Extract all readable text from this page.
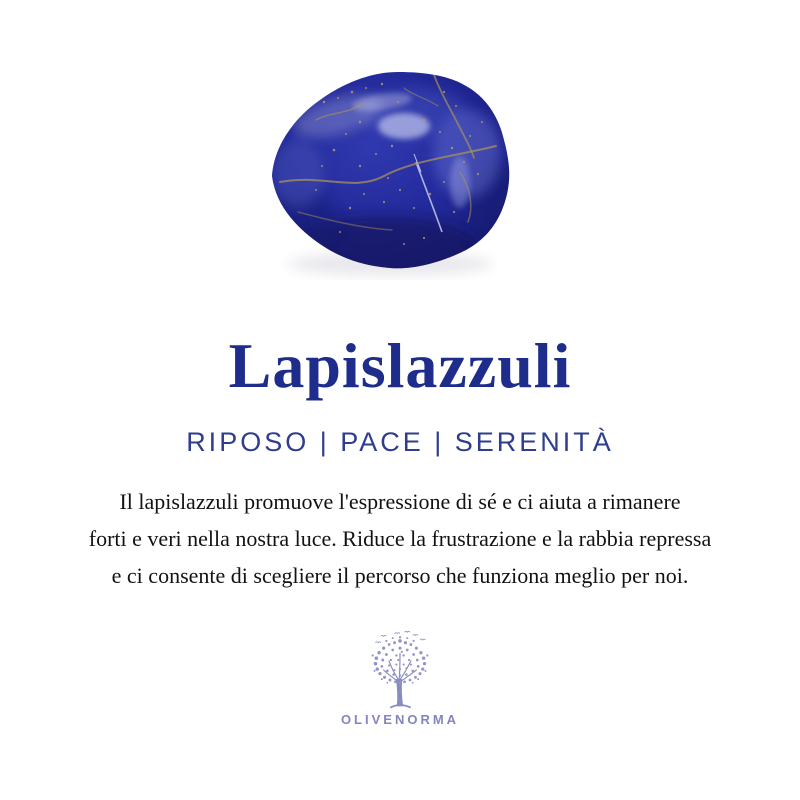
Lapislazzuli
RIPOSO | PACE | SERENITÀ
Il lapislazzuli promuove l'espressione di sé e ci aiuta a rimanere
forti e veri nella nostra luce. Riduce la frustrazione e la rabbia repressa
e ci consente di scegliere il percorso che funziona meglio per noi.
OLIVENORMA
